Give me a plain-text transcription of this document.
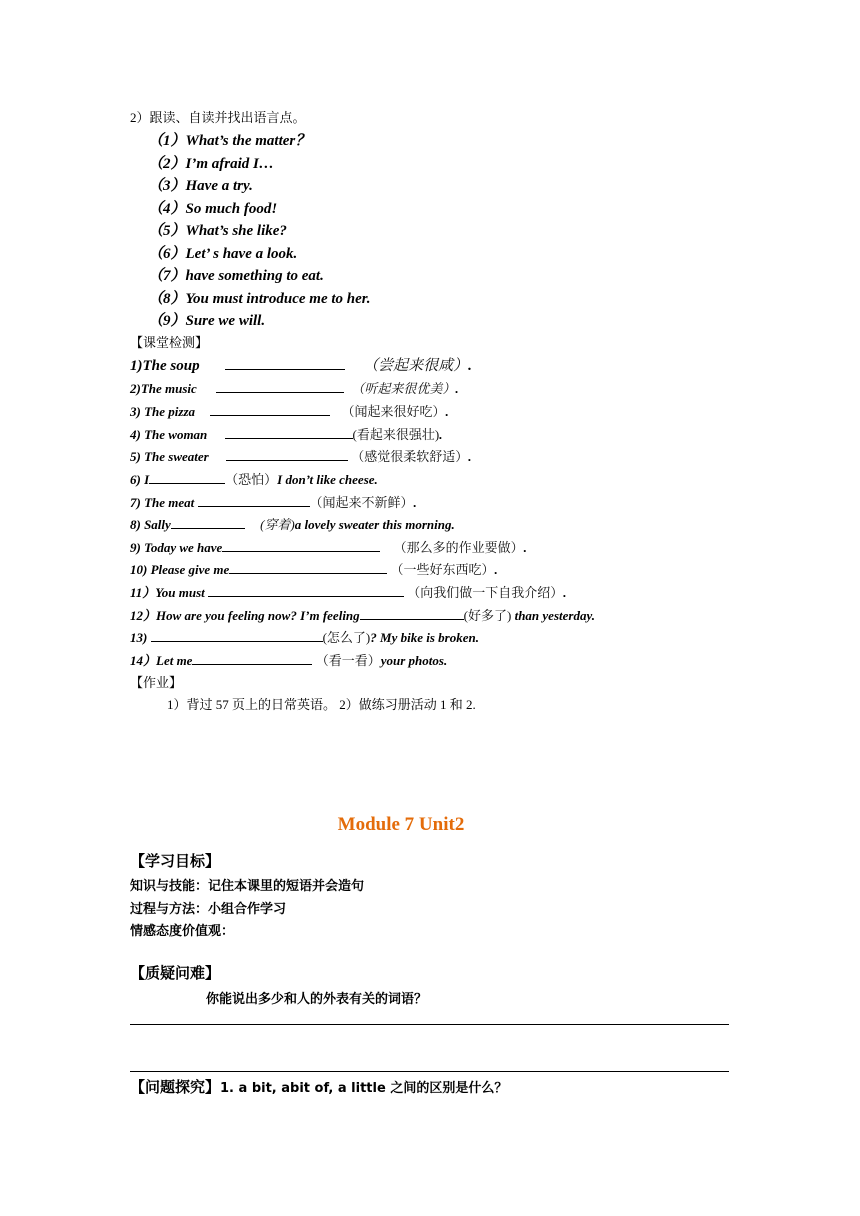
2）跟读、自读并找出语言点。
（1）What’s the matter？
（2）I’m afraid I…
（3）Have a try.
（4）So much food!
（5）What’s she like?
（6）Let’ s have a look.
（7）have something to eat.
（8）You must introduce me to her.
（9）Sure we will.
【课堂检测】
1)The soup	（尝起来很咸）.
2)The music	（听起来很优美）.
3) The pizza	（闻起来很好吃）.
4) The woman	(看起来很强壮).
5) The sweater	（感觉很柔软舒适）.
6) I	（恐怕）I don’t like cheese.
7) The meat	（闻起来不新鲜）.
8) Sally	(穿着)a lovely sweater this morning.
9) Today we have	（那么多的作业要做）.
10) Please give me	（一些好东西吃）.
11）You must	（向我们做一下自我介绍）.
12）How are you feeling now? I’m feeling	(好多了) than yesterday.
13)	(怎么了)? My bike is broken.
14）Let me	（看一看）your photos.
【作业】
1）背过 57 页上的日常英语。 2）做练习册活动 1 和 2.
Module 7 Unit2
【学习目标】
知识与技能：记住本课里的短语并会造句
过程与方法：小组合作学习
情感态度价值观：
【质疑问难】
你能说出多少和人的外表有关的词语？
【问题探究】1. a bit, abit of, a little 之间的区别是什么？
